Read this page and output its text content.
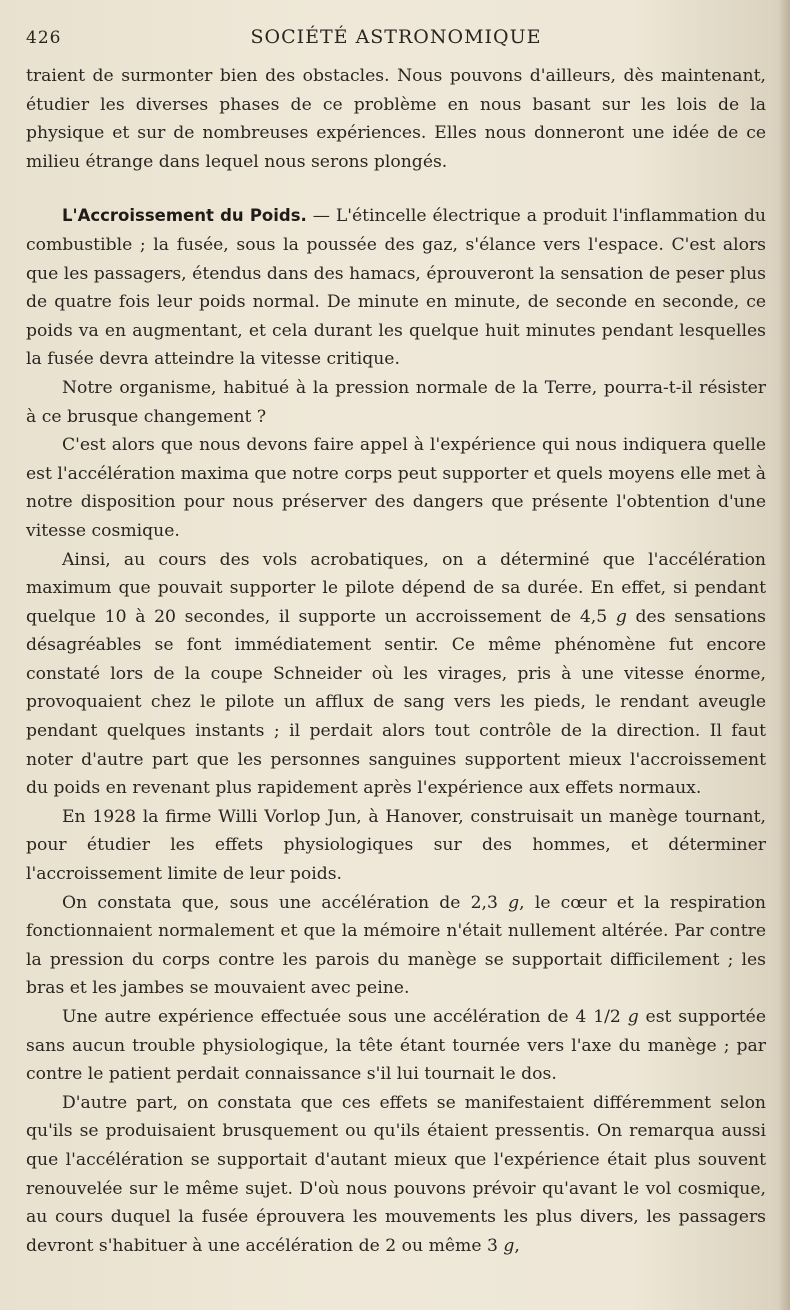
426	SOCIÉTÉ ASTRONOMIQUE

traient de surmonter bien des obstacles. Nous pouvons d'ailleurs, dès maintenant, étudier les diverses phases de ce problème en nous basant sur les lois de la physique et sur de nombreuses expériences. Elles nous donneront une idée de ce milieu étrange dans lequel nous serons plongés.

L'Accroissement du Poids. — L'étincelle électrique a produit l'inflammation du combustible ; la fusée, sous la poussée des gaz, s'élance vers l'espace. C'est alors que les passagers, étendus dans des hamacs, éprouveront la sensation de peser plus de quatre fois leur poids normal. De minute en minute, de seconde en seconde, ce poids va en augmentant, et cela durant les quelque huit minutes pendant lesquelles la fusée devra atteindre la vitesse critique.

Notre organisme, habitué à la pression normale de la Terre, pourra-t-il résister à ce brusque changement ?

C'est alors que nous devons faire appel à l'expérience qui nous indiquera quelle est l'accélération maxima que notre corps peut supporter et quels moyens elle met à notre disposition pour nous préserver des dangers que présente l'obtention d'une vitesse cosmique.

Ainsi, au cours des vols acrobatiques, on a déterminé que l'accélération maximum que pouvait supporter le pilote dépend de sa durée. En effet, si pendant quelque 10 à 20 secondes, il supporte un accroissement de 4,5 g des sensations désagréables se font immédiatement sentir. Ce même phénomène fut encore constaté lors de la coupe Schneider où les virages, pris à une vitesse énorme, provoquaient chez le pilote un afflux de sang vers les pieds, le rendant aveugle pendant quelques instants ; il perdait alors tout contrôle de la direction. Il faut noter d'autre part que les personnes sanguines supportent mieux l'accroissement du poids en revenant plus rapidement après l'expérience aux effets normaux.

En 1928 la firme Willi Vorlop Jun, à Hanover, construisait un manège tournant, pour étudier les effets physiologiques sur des hommes, et déterminer l'accroissement limite de leur poids.

On constata que, sous une accélération de 2,3 g, le cœur et la respiration fonctionnaient normalement et que la mémoire n'était nullement altérée. Par contre la pression du corps contre les parois du manège se supportait difficilement ; les bras et les jambes se mouvaient avec peine.

Une autre expérience effectuée sous une accélération de 4 1/2 g est supportée sans aucun trouble physiologique, la tête étant tournée vers l'axe du manège ; par contre le patient perdait connaissance s'il lui tournait le dos.

D'autre part, on constata que ces effets se manifestaient différemment selon qu'ils se produisaient brusquement ou qu'ils étaient pressentis. On remarqua aussi que l'accélération se supportait d'autant mieux que l'expérience était plus souvent renouvelée sur le même sujet. D'où nous pouvons prévoir qu'avant le vol cosmique, au cours duquel la fusée éprouvera les mouvements les plus divers, les passagers devront s'habituer à une accélération de 2 ou même 3 g,
